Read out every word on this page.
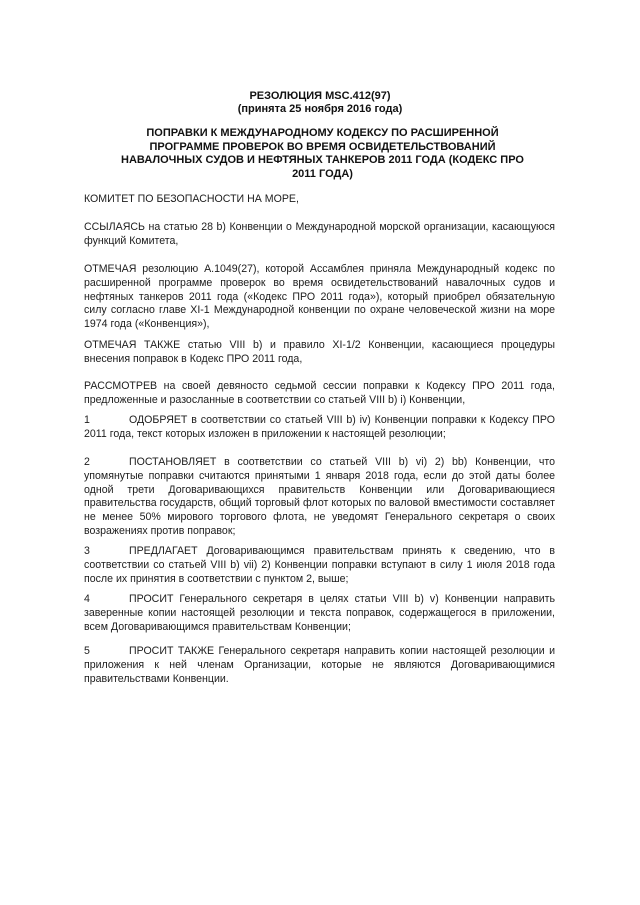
РЕЗОЛЮЦИЯ MSC.412(97)
(принята 25 ноября 2016 года)
ПОПРАВКИ К МЕЖДУНАРОДНОМУ КОДЕКСУ ПО РАСШИРЕННОЙ ПРОГРАММЕ ПРОВЕРОК ВО ВРЕМЯ ОСВИДЕТЕЛЬСТВОВАНИЙ НАВАЛОЧНЫХ СУДОВ И НЕФТЯНЫХ ТАНКЕРОВ 2011 ГОДА (КОДЕКС ПРО 2011 ГОДА)
КОМИТЕТ ПО БЕЗОПАСНОСТИ НА МОРЕ,
ССЫЛАЯСЬ на статью 28 b) Конвенции о Международной морской организации, касающуюся функций Комитета,
ОТМЕЧАЯ резолюцию A.1049(27), которой Ассамблея приняла Международный кодекс по расширенной программе проверок во время освидетельствований навалочных судов и нефтяных танкеров 2011 года («Кодекс ПРО 2011 года»), который приобрел обязательную силу согласно главе XI-1 Международной конвенции по охране человеческой жизни на море 1974 года («Конвенция»),
ОТМЕЧАЯ ТАКЖЕ статью VIII b) и правило XI-1/2 Конвенции, касающиеся процедуры внесения поправок в Кодекс ПРО 2011 года,
РАССМОТРЕВ на своей девяносто седьмой сессии поправки к Кодексу ПРО 2011 года, предложенные и разосланные в соответствии со статьей VIII b) i) Конвенции,
1	ОДОБРЯЕТ в соответствии со статьей VIII b) iv) Конвенции поправки к Кодексу ПРО 2011 года, текст которых изложен в приложении к настоящей резолюции;
2	ПОСТАНОВЛЯЕТ в соответствии со статьей VIII b) vi) 2) bb) Конвенции, что упомянутые поправки считаются принятыми 1 января 2018 года, если до этой даты более одной трети Договаривающихся правительств Конвенции или Договаривающиеся правительства государств, общий торговый флот которых по валовой вместимости составляет не менее 50% мирового торгового флота, не уведомят Генерального секретаря о своих возражениях против поправок;
3	ПРЕДЛАГАЕТ Договаривающимся правительствам принять к сведению, что в соответствии со статьей VIII b) vii) 2) Конвенции поправки вступают в силу 1 июля 2018 года после их принятия в соответствии с пунктом 2, выше;
4	ПРОСИТ Генерального секретаря в целях статьи VIII b) v) Конвенции направить заверенные копии настоящей резолюции и текста поправок, содержащегося в приложении, всем Договаривающимся правительствам Конвенции;
5	ПРОСИТ ТАКЖЕ Генерального секретаря направить копии настоящей резолюции и приложения к ней членам Организации, которые не являются Договаривающимися правительствами Конвенции.
